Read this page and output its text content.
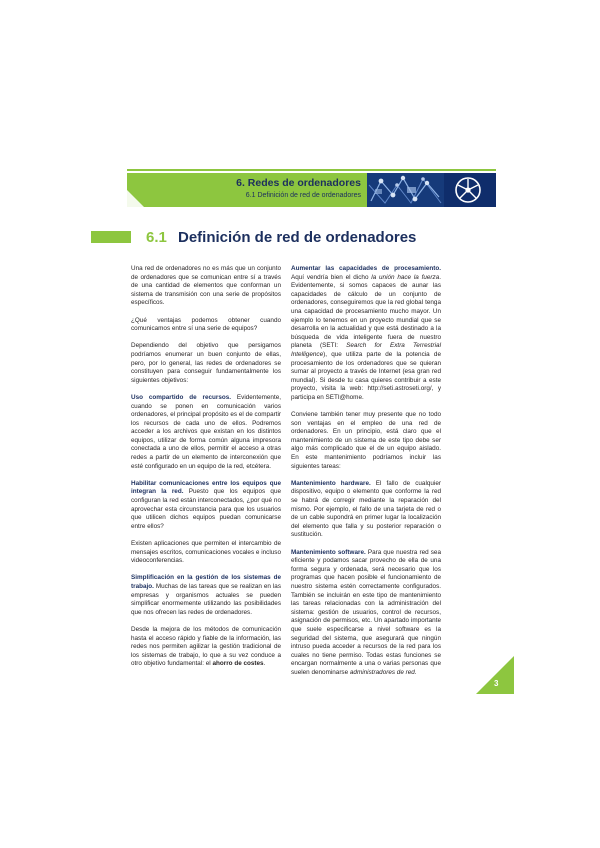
6. Redes de ordenadores
6.1 Definición de red de ordenadores
6.1 Definición de red de ordenadores

Una red de ordenadores no es más que un conjunto de ordenadores que se comunican entre sí a través de una cantidad de elementos que conforman un sistema de transmisión con una serie de propósitos específicos.

¿Qué ventajas podemos obtener cuando comunicamos entre sí una serie de equipos?

Dependiendo del objetivo que persigamos podríamos enumerar un buen conjunto de ellas, pero, por lo general, las redes de ordenadores se constituyen para conseguir fundamentalmente los siguientes objetivos:

Uso compartido de recursos. Evidentemente, cuando se ponen en comunicación varios ordenadores, el principal propósito es el de compartir los recursos de cada uno de ellos. Podremos acceder a los archivos que existan en los distintos equipos, utilizar de forma común alguna impresora conectada a uno de ellos, permitir el acceso a otras redes a partir de un elemento de interconexión que esté configurado en un equipo de la red, etcétera.

Habilitar comunicaciones entre los equipos que integran la red. Puesto que los equipos que configuran la red están interconectados, ¿por qué no aprovechar esta circunstancia para que los usuarios que utilicen dichos equipos puedan comunicarse entre ellos?

Existen aplicaciones que permiten el intercambio de mensajes escritos, comunicaciones vocales e incluso videoconferencias.

Simplificación en la gestión de los sistemas de trabajo. Muchas de las tareas que se realizan en las empresas y organismos actuales se pueden simplificar enormemente utilizando las posibilidades que nos ofrecen las redes de ordenadores.

Desde la mejora de los métodos de comunicación hasta el acceso rápido y fiable de la información, las redes nos permiten agilizar la gestión tradicional de los sistemas de trabajo, lo que a su vez conduce a otro objetivo fundamental: el ahorro de costes.

Aumentar las capacidades de procesamiento. Aquí vendría bien el dicho la unión hace la fuerza. Evidentemente, si somos capaces de aunar las capacidades de cálculo de un conjunto de ordenadores, conseguiremos que la red global tenga una capacidad de procesamiento mucho mayor. Un ejemplo lo tenemos en un proyecto mundial que se desarrolla en la actualidad y que está destinado a la búsqueda de vida inteligente fuera de nuestro planeta (SETI: Search for Extra Terrestrial Intelligence), que utiliza parte de la potencia de procesamiento de los ordenadores que se quieran sumar al proyecto a través de Internet (esa gran red mundial). Si desde tu casa quieres contribuir a este proyecto, visita la web: http://seti.astroseti.org/, y participa en SETI@home.

Conviene también tener muy presente que no todo son ventajas en el empleo de una red de ordenadores. En un principio, está claro que el mantenimiento de un sistema de este tipo debe ser algo más complicado que el de un equipo aislado. En este mantenimiento podríamos incluir las siguientes tareas:

Mantenimiento hardware. El fallo de cualquier dispositivo, equipo o elemento que conforme la red se habrá de corregir mediante la reparación del mismo. Por ejemplo, el fallo de una tarjeta de red o de un cable supondrá en primer lugar la localización del elemento que falla y su posterior reparación o sustitución.

Mantenimiento software. Para que nuestra red sea eficiente y podamos sacar provecho de ella de una forma segura y ordenada, será necesario que los programas que hacen posible el funcionamiento de nuestro sistema estén correctamente configurados. También se incluirán en este tipo de mantenimiento las tareas relacionadas con la administración del sistema: gestión de usuarios, control de recursos, asignación de permisos, etc. Un apartado importante que suele especificarse a nivel software es la seguridad del sistema, que asegurará que ningún intruso pueda acceder a recursos de la red para los cuales no tiene permiso. Todas estas funciones se encargan normalmente a una o varias personas que suelen denominarse administradores de red.

3
